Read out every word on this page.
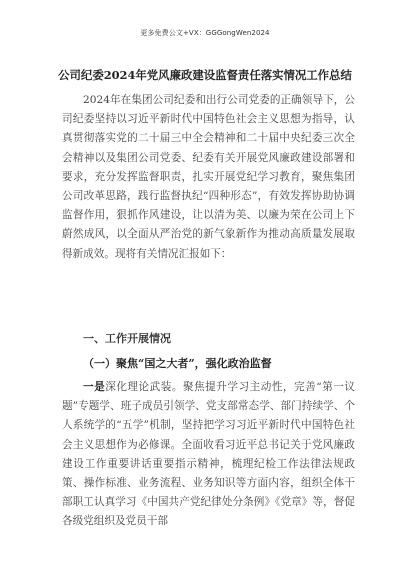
更多免费公文+VX：GGGongWen2024
公司纪委2024年党风廉政建设监督责任落实情况工作总结
2024年在集团公司纪委和出行公司党委的正确领导下，公司纪委坚持以习近平新时代中国特色社会主义思想为指导，认真贯彻落实党的二十届三中全会精神和二十届中央纪委三次全会精神以及集团公司党委、纪委有关开展党风廉政建设部署和要求，充分发挥监督职责，扎实开展党纪学习教育，聚焦集团公司改革思路，践行监督执纪“四种形态”，有效发挥协助协调监督作用，狠抓作风建设，让以清为美、以廉为荣在公司上下蔚然成风，以全面从严治党的新气象新作为推动高质量发展取得新成效。现将有关情况汇报如下：
一、工作开展情况
（一）聚焦“国之大者”，强化政治监督
一是深化理论武装。聚焦提升学习主动性，完善“第一议题”专题学、班子成员引领学、党支部常态学、部门持续学、个人系统学的“五学”机制，坚持把学习习近平新时代中国特色社会主义思想作为必修课。全面收看习近平总书记关于党风廉政建设工作重要讲话重要指示精神，梳理纪检工作法律法规政策、操作标准、业务流程、业务知识等方面内容，组织全体干部职工认真学习《中国共产党纪律处分条例》《党章》等，督促各级党组织及党员干部
